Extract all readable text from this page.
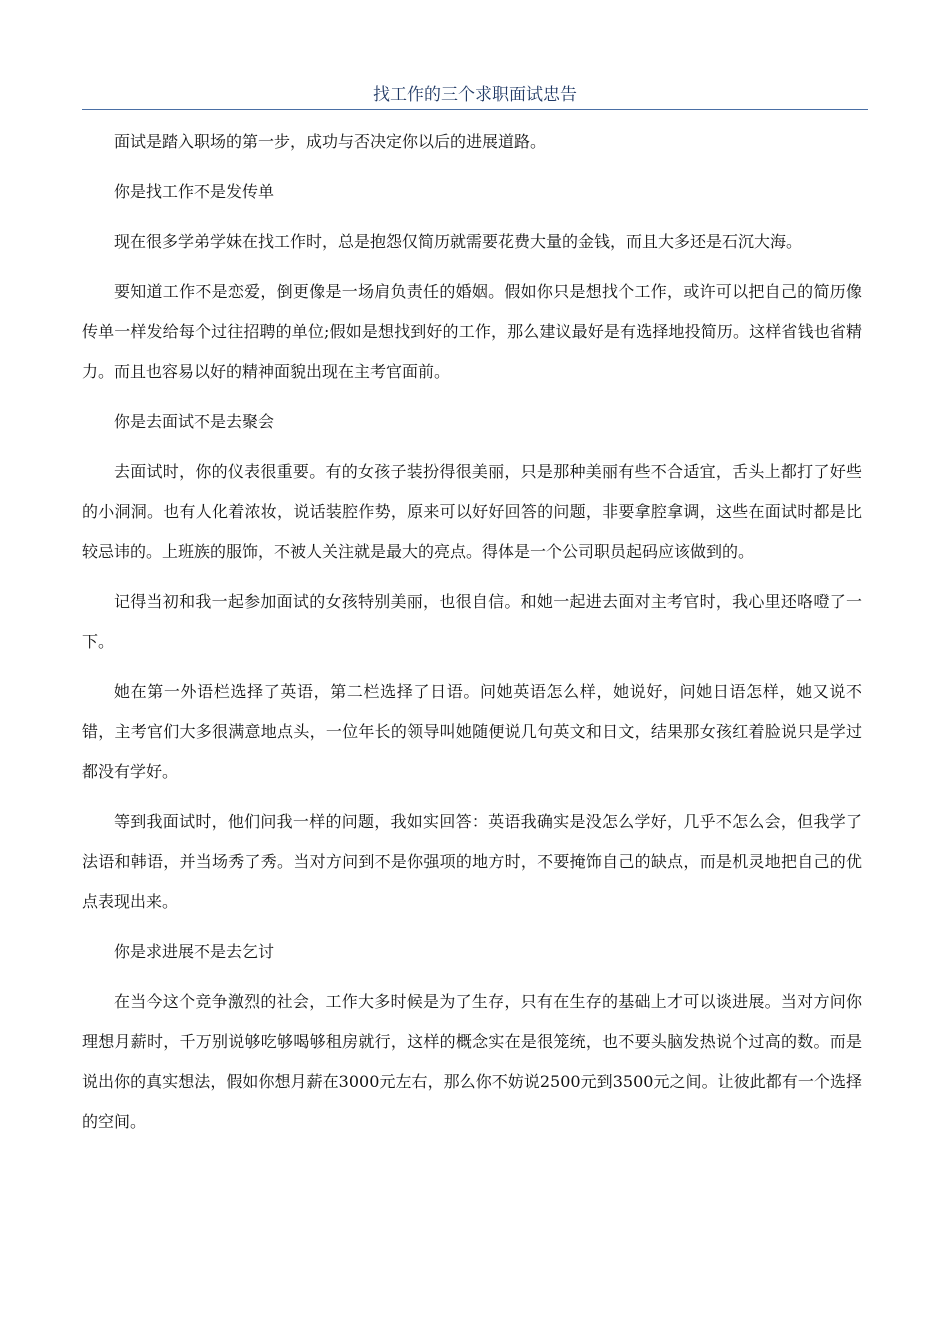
找工作的三个求职面试忠告

面试是踏入职场的第一步，成功与否决定你以后的进展道路。

你是找工作不是发传单

现在很多学弟学妹在找工作时，总是抱怨仅简历就需要花费大量的金钱，而且大多还是石沉大海。

要知道工作不是恋爱，倒更像是一场肩负责任的婚姻。假如你只是想找个工作，或许可以把自己的简历像传单一样发给每个过往招聘的单位;假如是想找到好的工作，那么建议最好是有选择地投简历。这样省钱也省精力。而且也容易以好的精神面貌出现在主考官面前。

你是去面试不是去聚会

去面试时，你的仪表很重要。有的女孩子装扮得很美丽，只是那种美丽有些不合适宜，舌头上都打了好些的小洞洞。也有人化着浓妆，说话装腔作势，原来可以好好回答的问题，非要拿腔拿调，这些在面试时都是比较忌讳的。上班族的服饰，不被人关注就是最大的亮点。得体是一个公司职员起码应该做到的。

记得当初和我一起参加面试的女孩特别美丽，也很自信。和她一起进去面对主考官时，我心里还咯噔了一下。

她在第一外语栏选择了英语，第二栏选择了日语。问她英语怎么样，她说好，问她日语怎样，她又说不错，主考官们大多很满意地点头，一位年长的领导叫她随便说几句英文和日文，结果那女孩红着脸说只是学过都没有学好。

等到我面试时，他们问我一样的问题，我如实回答：英语我确实是没怎么学好，几乎不怎么会，但我学了法语和韩语，并当场秀了秀。当对方问到不是你强项的地方时，不要掩饰自己的缺点，而是机灵地把自己的优点表现出来。

你是求进展不是去乞讨

在当今这个竞争激烈的社会，工作大多时候是为了生存，只有在生存的基础上才可以谈进展。当对方问你理想月薪时，千万别说够吃够喝够租房就行，这样的概念实在是很笼统，也不要头脑发热说个过高的数。而是说出你的真实想法，假如你想月薪在3000元左右，那么你不妨说2500元到3500元之间。让彼此都有一个选择的空间。
